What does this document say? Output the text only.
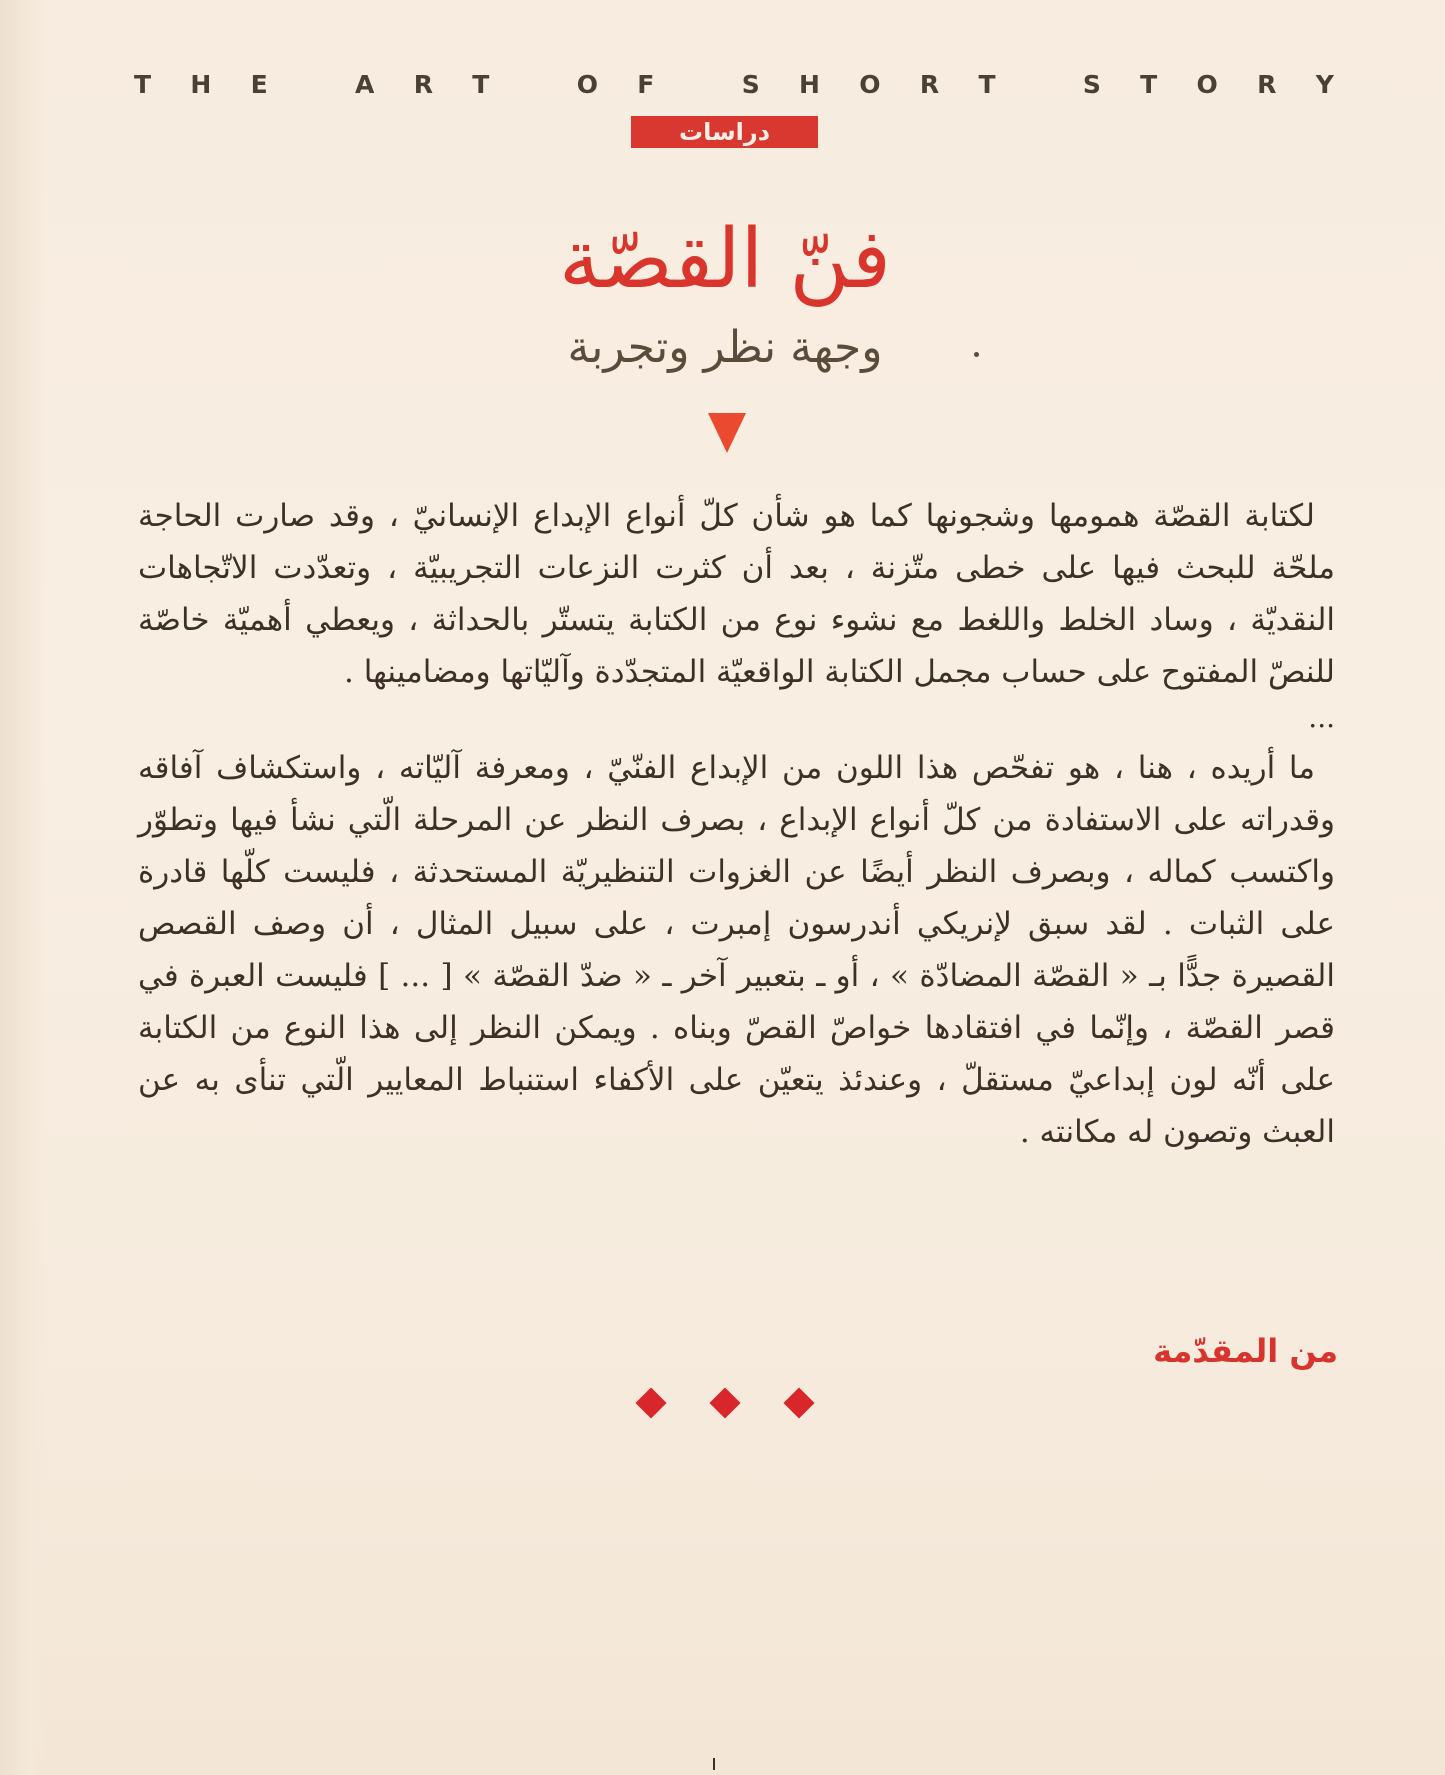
T H E	A R T	O F	S H O R T	S T O R Y
دراسات
فنّ القصّة
وجهة نظر وتجربة

لكتابة القصّة همومها وشجونها كما هو شأن كلّ أنواع الإبداع الإنسانيّ ، وقد صارت الحاجة ملحّة للبحث فيها على خطى متّزنة ، بعد أن كثرت النزعات التجريبيّة ، وتعدّدت الاتّجاهات النقديّة ، وساد الخلط واللغط مع نشوء نوع من الكتابة يتستّر بالحداثة ، ويعطي أهميّة خاصّة للنصّ المفتوح على حساب مجمل الكتابة الواقعيّة المتجدّدة وآليّاتها ومضامينها .

...

ما أريده ، هنا ، هو تفحّص هذا اللون من الإبداع الفنّيّ ، ومعرفة آليّاته ، واستكشاف آفاقه وقدراته على الاستفادة من كلّ أنواع الإبداع ، بصرف النظر عن المرحلة الّتي نشأ فيها وتطوّر واكتسب كماله ، وبصرف النظر أيضًا عن الغزوات التنظيريّة المستحدثة ، فليست كلّها قادرة على الثبات . لقد سبق لإنريكي أندرسون إمبرت ، على سبيل المثال ، أن وصف القصص القصيرة جدًّا بـ « القصّة المضادّة » ، أو ـ بتعبير آخر ـ « ضدّ القصّة » [ ... ] فليست العبرة في قصر القصّة ، وإنّما في افتقادها خواصّ القصّ وبناه . ويمكن النظر إلى هذا النوع من الكتابة على أنّه لون إبداعيّ مستقلّ ، وعندئذ يتعيّن على الأكفاء استنباط المعايير الّتي تنأى به عن العبث وتصون له مكانته .

من المقدّمة
